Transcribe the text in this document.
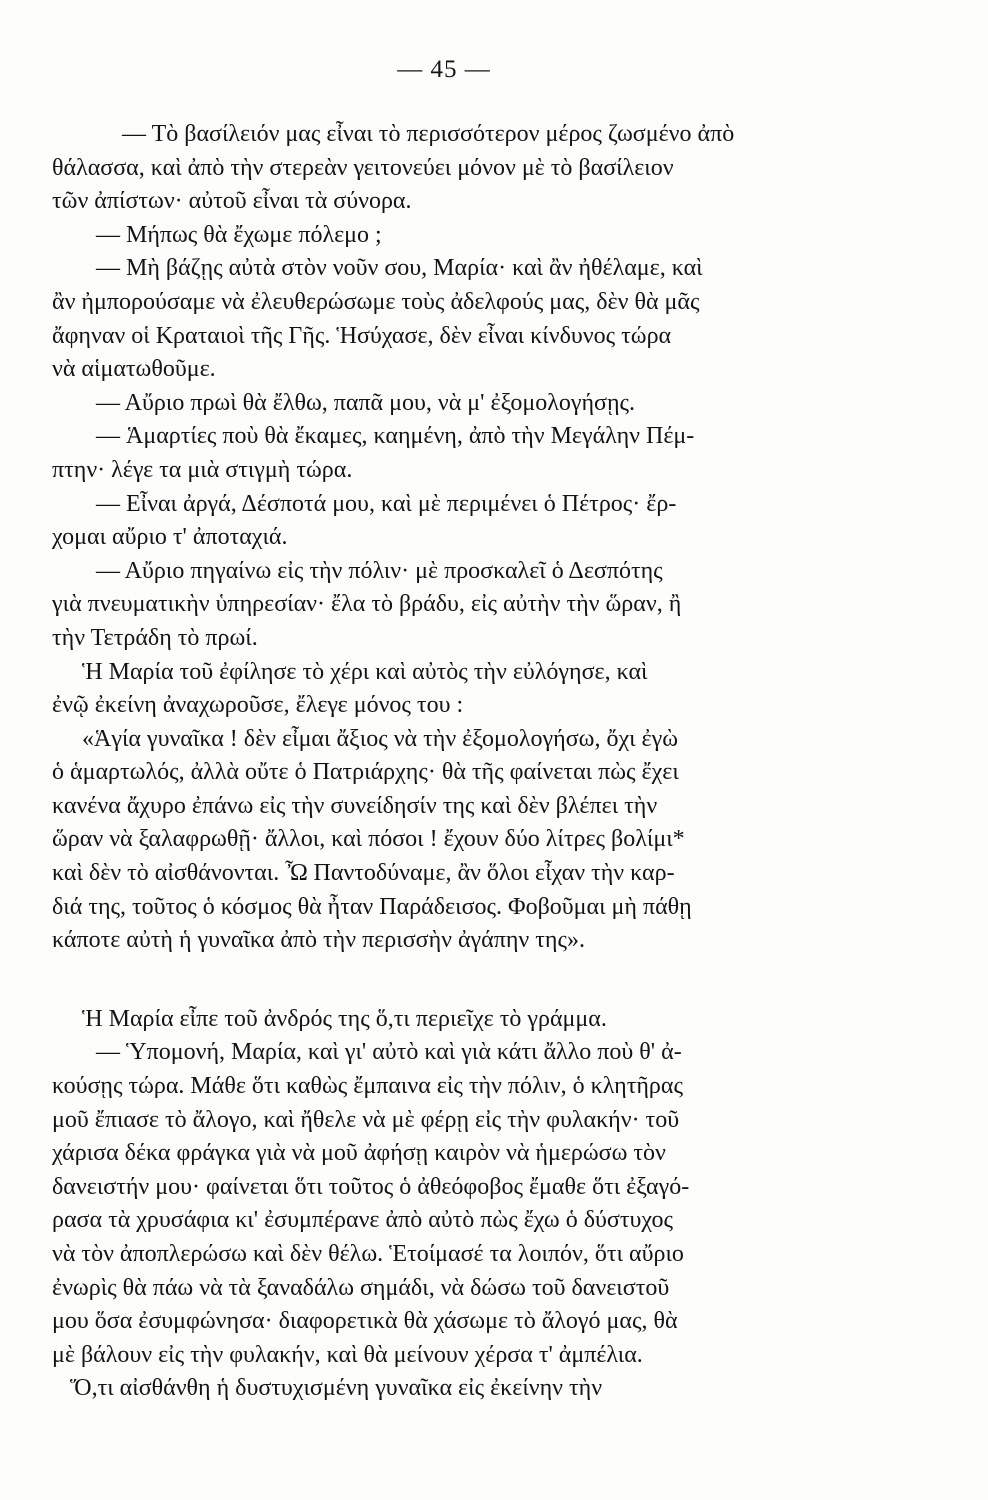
— 45 —
— Τὸ βασίλειόν μας εἶναι τὸ περισσότερον μέρος ζωσμένο ἀπὸ
θάλασσα, καὶ ἀπὸ τὴν στερεὰν γειτονεύει μόνον μὲ τὸ βασίλειον
τῶν ἀπίστων· αὐτοῦ εἶναι τὰ σύνορα.
— Μήπως θὰ ἔχωμε πόλεμο ;
— Μὴ βάζῃς αὐτὰ στὸν νοῦν σου, Μαρία· καὶ ἂν ἠθέλαμε, καὶ
ἂν ἠμπορούσαμε νὰ ἐλευθερώσωμε τοὺς ἀδελφούς μας, δὲν θὰ μᾶς
ἄφηναν οἱ Κραταιοὶ τῆς Γῆς. Ἡσύχασε, δὲν εἶναι κίνδυνος τώρα
νὰ αἱματωθοῦμε.
— Αὔριο πρωὶ θὰ ἔλθω, παπᾶ μου, νὰ μ' ἐξομολογήσῃς.
— Ἁμαρτίες ποὺ θὰ ἔκαμες, καημένη, ἀπὸ τὴν Μεγάλην Πέμ-
πτην· λέγε τα μιὰ στιγμὴ τώρα.
— Εἶναι ἀργά, Δέσποτά μου, καὶ μὲ περιμένει ὁ Πέτρος· ἔρ-
χομαι αὔριο τ' ἀποταχιά.
— Αὔριο πηγαίνω εἰς τὴν πόλιν· μὲ προσκαλεῖ ὁ Δεσπότης
γιὰ πνευματικὴν ὑπηρεσίαν· ἔλα τὸ βράδυ, εἰς αὐτὴν τὴν ὥραν, ἢ
τὴν Τετράδη τὸ πρωί.
Ἡ Μαρία τοῦ ἐφίλησε τὸ χέρι καὶ αὐτὸς τὴν εὐλόγησε, καὶ
ἐνῷ ἐκείνη ἀναχωροῦσε, ἔλεγε μόνος του :
«Ἁγία γυναῖκα ! δὲν εἶμαι ἄξιος νὰ τὴν ἐξομολογήσω, ὄχι ἐγὼ
ὁ ἁμαρτωλός, ἀλλὰ οὔτε ὁ Πατριάρχης· θὰ τῆς φαίνεται πὼς ἔχει
κανένα ἄχυρο ἐπάνω εἰς τὴν συνείδησίν της καὶ δὲν βλέπει τὴν
ὥραν νὰ ξαλαφρωθῇ· ἄλλοι, καὶ πόσοι ! ἔχουν δύο λίτρες βολίμι*
καὶ δὲν τὸ αἰσθάνονται. Ὦ Παντοδύναμε, ἂν ὅλοι εἶχαν τὴν καρ-
διά της, τοῦτος ὁ κόσμος θὰ ἦταν Παράδεισος. Φοβοῦμαι μὴ πάθῃ
κάποτε αὐτὴ ἡ γυναῖκα ἀπὸ τὴν περισσὴν ἀγάπην της».
Ἡ Μαρία εἶπε τοῦ ἀνδρός της ὅ,τι περιεῖχε τὸ γράμμα.
— Ὑπομονή, Μαρία, καὶ γι' αὐτὸ καὶ γιὰ κάτι ἄλλο ποὺ θ' ἀ-
κούσῃς τώρα. Μάθε ὅτι καθὼς ἔμπαινα εἰς τὴν πόλιν, ὁ κλητῆρας
μοῦ ἔπιασε τὸ ἄλογο, καὶ ἤθελε νὰ μὲ φέρῃ εἰς τὴν φυλακήν· τοῦ
χάρισα δέκα φράγκα γιὰ νὰ μοῦ ἀφήσῃ καιρὸν νὰ ἡμερώσω τὸν
δανειστήν μου· φαίνεται ὅτι τοῦτος ὁ ἀθεόφοβος ἔμαθε ὅτι ἐξαγό-
ρασα τὰ χρυσάφια κι' ἐσυμπέρανε ἀπὸ αὐτὸ πὼς ἔχω ὁ δύστυχος
νὰ τὸν ἀποπλερώσω καὶ δὲν θέλω. Ἑτοίμασέ τα λοιπόν, ὅτι αὔριο
ἐνωρὶς θὰ πάω νὰ τὰ ξαναδάλω σημάδι, νὰ δώσω τοῦ δανειστοῦ
μου ὅσα ἐσυμφώνησα· διαφορετικὰ θὰ χάσωμε τὸ ἄλογό μας, θὰ
μὲ βάλουν εἰς τὴν φυλακήν, καὶ θὰ μείνουν χέρσα τ' ἀμπέλια.
Ὅ,τι αἰσθάνθη ἡ δυστυχισμένη γυναῖκα εἰς ἐκείνην τὴν
